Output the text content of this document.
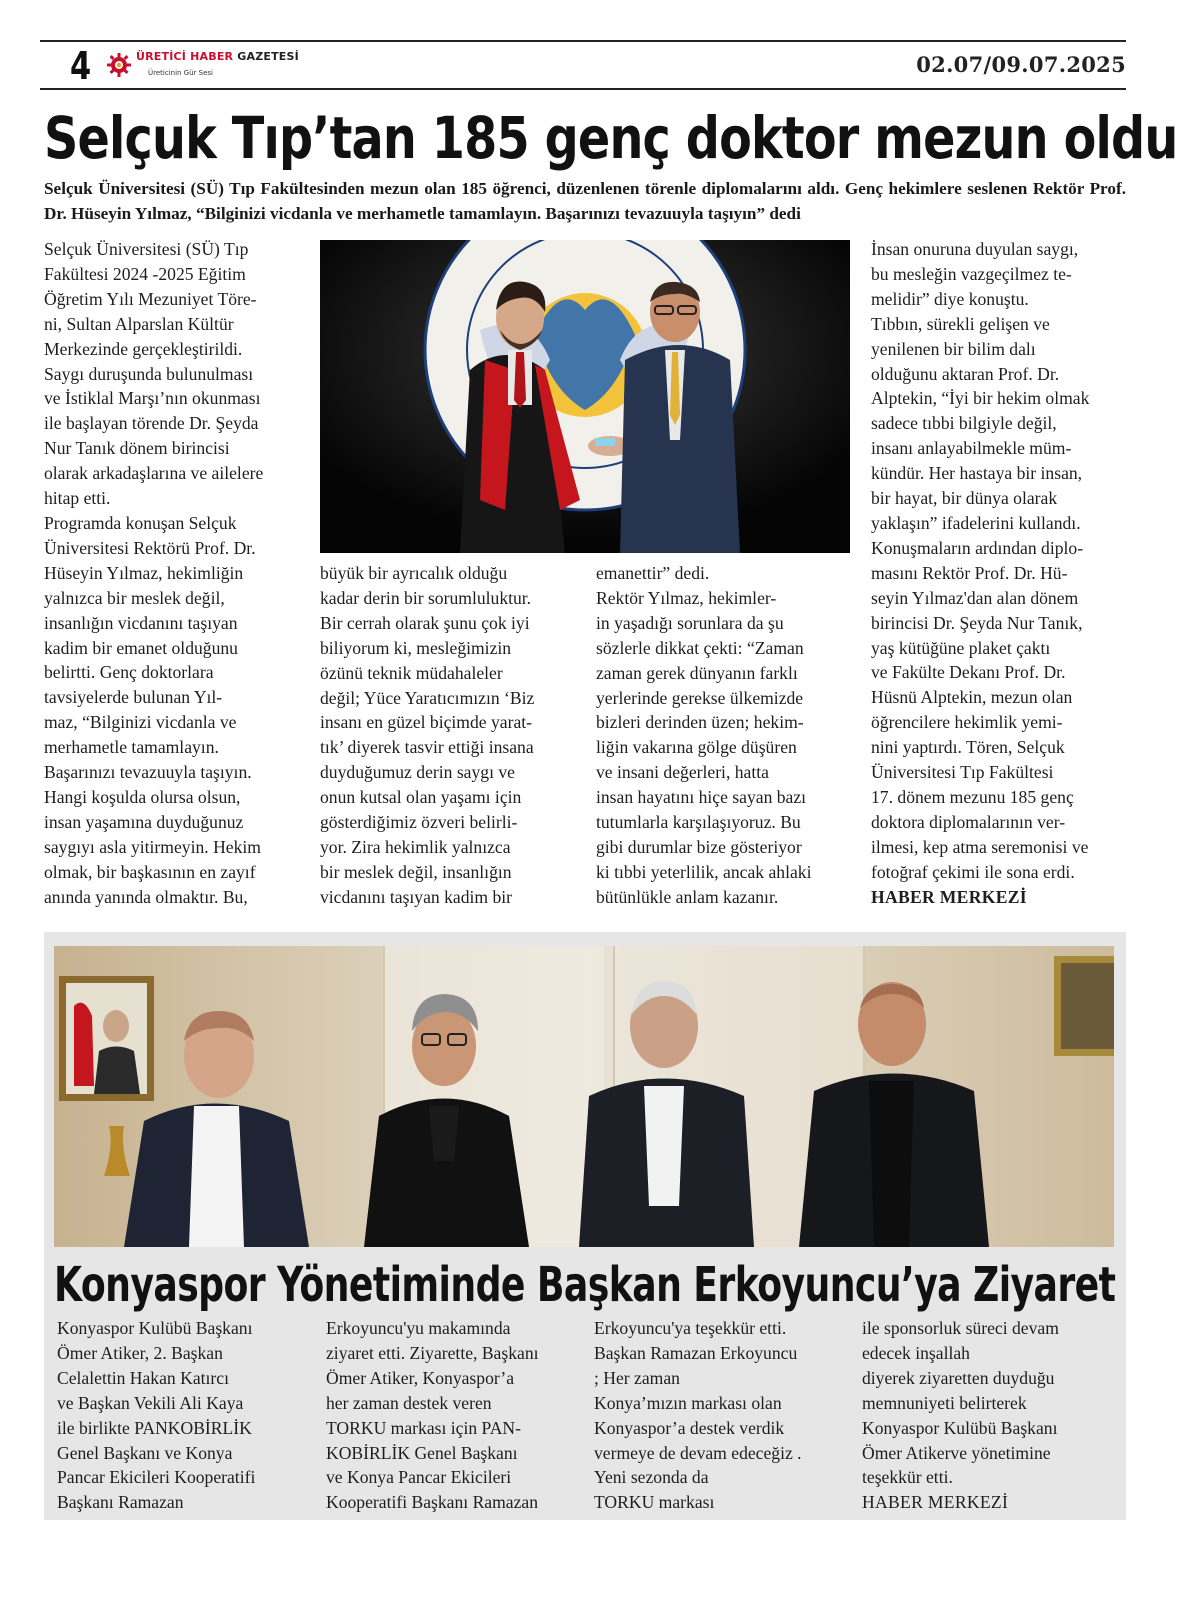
4	ÜRETİCİ HABER GAZETESİ
Üreticinin Gür Sesi	02.07/09.07.2025
Selçuk Tıp’tan 185 genç doktor mezun oldu

Selçuk Üniversitesi (SÜ) Tıp Fakültesinden mezun olan 185 öğrenci, düzenlenen törenle diplomalarını aldı. Genç hekimlere seslenen Rektör Prof. Dr. Hüseyin Yılmaz, “Bilginizi vicdanla ve merhametle tamamlayın. Başarınızı tevazuuyla taşıyın” dedi

Selçuk Üniversitesi (SÜ) Tıp
Fakültesi 2024 -2025 Eğitim
Öğretim Yılı Mezuniyet Töre-
ni, Sultan Alparslan Kültür
Merkezinde gerçekleştirildi.
Saygı duruşunda bulunulması
ve İstiklal Marşı’nın okunması
ile başlayan törende Dr. Şeyda
Nur Tanık dönem birincisi
olarak arkadaşlarına ve ailelere
hitap etti.
Programda konuşan Selçuk
Üniversitesi Rektörü Prof. Dr.
Hüseyin Yılmaz, hekimliğin
yalnızca bir meslek değil,
insanlığın vicdanını taşıyan
kadim bir emanet olduğunu
belirtti. Genç doktorlara
tavsiyelerde bulunan Yıl-
maz, “Bilginizi vicdanla ve
merhametle tamamlayın.
Başarınızı tevazuuyla taşıyın.
Hangi koşulda olursa olsun,
insan yaşamına duyduğunuz
saygıyı asla yitirmeyin. Hekim
olmak, bir başkasının en zayıf
anında yanında olmaktır. Bu,

büyük bir ayrıcalık olduğu
kadar derin bir sorumluluktur.
Bir cerrah olarak şunu çok iyi
biliyorum ki, mesleğimizin
özünü teknik müdahaleler
değil; Yüce Yaratıcımızın ‘Biz
insanı en güzel biçimde yarat-
tık’ diyerek tasvir ettiği insana
duyduğumuz derin saygı ve
onun kutsal olan yaşamı için
gösterdiğimiz özveri belirli-
yor. Zira hekimlik yalnızca
bir meslek değil, insanlığın
vicdanını taşıyan kadim bir

emanettir” dedi.
Rektör Yılmaz, hekimler-
in yaşadığı sorunlara da şu
sözlerle dikkat çekti: “Zaman
zaman gerek dünyanın farklı
yerlerinde gerekse ülkemizde
bizleri derinden üzen; hekim-
liğin vakarına gölge düşüren
ve insani değerleri, hatta
insan hayatını hiçe sayan bazı
tutumlarla karşılaşıyoruz. Bu
gibi durumlar bize gösteriyor
ki tıbbi yeterlilik, ancak ahlaki
bütünlükle anlam kazanır.

İnsan onuruna duyulan saygı,
bu mesleğin vazgeçilmez te-
melidir” diye konuştu.
Tıbbın, sürekli gelişen ve
yenilenen bir bilim dalı
olduğunu aktaran Prof. Dr.
Alptekin, “İyi bir hekim olmak
sadece tıbbi bilgiyle değil,
insanı anlayabilmekle müm-
kündür. Her hastaya bir insan,
bir hayat, bir dünya olarak
yaklaşın” ifadelerini kullandı.
Konuşmaların ardından diplo-
masını Rektör Prof. Dr. Hü-
seyin Yılmaz'dan alan dönem
birincisi Dr. Şeyda Nur Tanık,
yaş kütüğüne plaket çaktı
ve Fakülte Dekanı Prof. Dr.
Hüsnü Alptekin, mezun olan
öğrencilere hekimlik yemi-
nini yaptırdı. Tören, Selçuk
Üniversitesi Tıp Fakültesi
17. dönem mezunu 185 genç
doktora diplomalarının ver-
ilmesi, kep atma seremonisi ve
fotoğraf çekimi ile sona erdi.

HABER MERKEZİ

Konyaspor Yönetiminde Başkan Erkoyuncu’ya Ziyaret

Konyaspor Kulübü Başkanı
Ömer Atiker, 2. Başkan
Celalettin Hakan Katırcı
ve Başkan Vekili Ali Kaya
ile birlikte PANKOBİRLİK
Genel Başkanı ve Konya
Pancar Ekicileri Kooperatifi
Başkanı Ramazan

Erkoyuncu'yu makamında
ziyaret etti. Ziyarette, Başkanı
Ömer Atiker, Konyaspor’a
her zaman destek veren
TORKU markası için PAN-
KOBİRLİK Genel Başkanı
ve Konya Pancar Ekicileri
Kooperatifi Başkanı Ramazan

Erkoyuncu'ya teşekkür etti.
Başkan Ramazan Erkoyuncu
; Her zaman
Konya’mızın markası olan
Konyaspor’a destek verdik
vermeye de devam edeceğiz .
Yeni sezonda da
TORKU markası

ile sponsorluk süreci devam
edecek inşallah
diyerek ziyaretten duyduğu
memnuniyeti belirterek
Konyaspor Kulübü Başkanı
Ömer Atikerve yönetimine
teşekkür etti.

HABER MERKEZİ
